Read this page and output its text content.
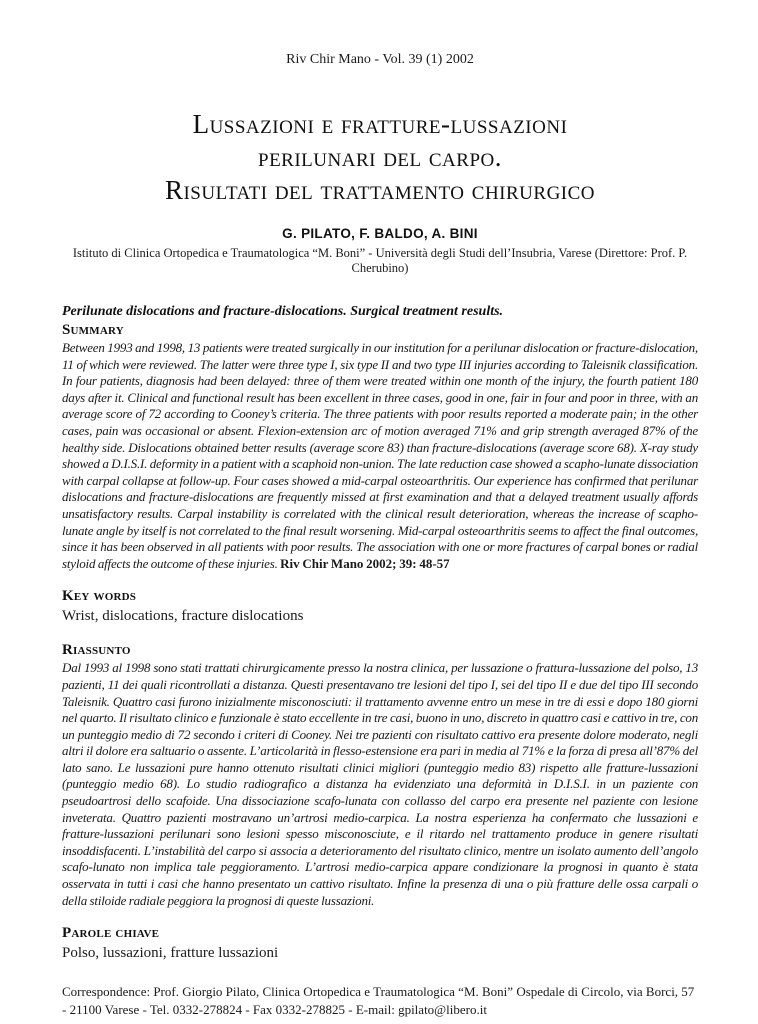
Riv Chir Mano - Vol. 39 (1) 2002
Lussazioni e fratture-lussazioni
perilunari del carpo.
Risultati del trattamento chirurgico
G. PILATO, F. BALDO, A. BINI
Istituto di Clinica Ortopedica e Traumatologica “M. Boni” - Università degli Studi dell’Insubria, Varese (Direttore: Prof. P. Cherubino)
Perilunate dislocations and fracture-dislocations. Surgical treatment results.
Summary

Between 1993 and 1998, 13 patients were treated surgically in our institution for a perilunar dislocation or fracture-dislocation, 11 of which were reviewed. The latter were three type I, six type II and two type III injuries according to Taleisnik classification. In four patients, diagnosis had been delayed: three of them were treated within one month of the injury, the fourth patient 180 days after it. Clinical and functional result has been excellent in three cases, good in one, fair in four and poor in three, with an average score of 72 according to Cooney’s criteria. The three patients with poor results reported a moderate pain; in the other cases, pain was occasional or absent. Flexion-extension arc of motion averaged 71% and grip strength averaged 87% of the healthy side. Dislocations obtained better results (average score 83) than fracture-dislocations (average score 68). X-ray study showed a D.I.S.I. deformity in a patient with a scaphoid non-union. The late reduction case showed a scapho-lunate dissociation with carpal collapse at follow-up. Four cases showed a mid-carpal osteoarthritis. Our experience has confirmed that perilunar dislocations and fracture-dislocations are frequently missed at first examination and that a delayed treatment usually affords unsatisfactory results. Carpal instability is correlated with the clinical result deterioration, whereas the increase of scapho-lunate angle by itself is not correlated to the final result worsening. Mid-carpal osteoarthritis seems to affect the final outcomes, since it has been observed in all patients with poor results. The association with one or more fractures of carpal bones or radial styloid affects the outcome of these injuries. Riv Chir Mano 2002; 39: 48-57

Key words
Wrist, dislocations, fracture dislocations
Riassunto

Dal 1993 al 1998 sono stati trattati chirurgicamente presso la nostra clinica, per lussazione o frattura-lussazione del polso, 13 pazienti, 11 dei quali ricontrollati a distanza. Questi presentavano tre lesioni del tipo I, sei del tipo II e due del tipo III secondo Taleisnik. Quattro casi furono inizialmente misconosciuti: il trattamento avvenne entro un mese in tre di essi e dopo 180 giorni nel quarto. Il risultato clinico e funzionale è stato eccellente in tre casi, buono in uno, discreto in quattro casi e cattivo in tre, con un punteggio medio di 72 secondo i criteri di Cooney. Nei tre pazienti con risultato cattivo era presente dolore moderato, negli altri il dolore era saltuario o assente. L’articolarità in flesso-estensione era pari in media al 71% e la forza di presa all’87% del lato sano. Le lussazioni pure hanno ottenuto risultati clinici migliori (punteggio medio 83) rispetto alle fratture-lussazioni (punteggio medio 68). Lo studio radiografico a distanza ha evidenziato una deformità in D.I.S.I. in un paziente con pseudoartrosi dello scafoide. Una dissociazione scafo-lunata con collasso del carpo era presente nel paziente con lesione inveterata. Quattro pazienti mostravano un’artrosi medio-carpica. La nostra esperienza ha confermato che lussazioni e fratture-lussazioni perilunari sono lesioni spesso misconosciute, e il ritardo nel trattamento produce in genere risultati insoddisfacenti. L’instabilità del carpo si associa a deterioramento del risultato clinico, mentre un isolato aumento dell’angolo scafo-lunato non implica tale peggioramento. L’artrosi medio-carpica appare condizionare la prognosi in quanto è stata osservata in tutti i casi che hanno presentato un cattivo risultato. Infine la presenza di una o più fratture delle ossa carpali o della stiloide radiale peggiora la prognosi di queste lussazioni.

Parole chiave
Polso, lussazioni, fratture lussazioni
Correspondence: Prof. Giorgio Pilato, Clinica Ortopedica e Traumatologica “M. Boni” Ospedale di Circolo, via Borci, 57 - 21100 Varese - Tel. 0332-278824 - Fax 0332-278825 - E-mail: gpilato@libero.it
